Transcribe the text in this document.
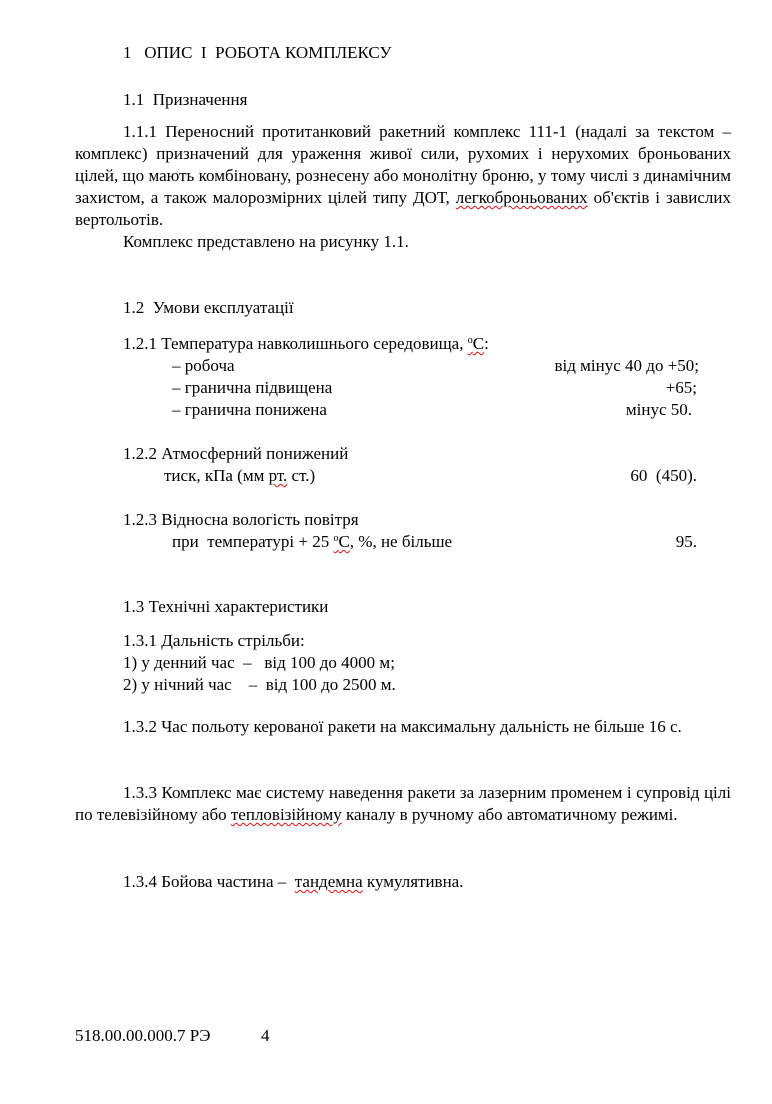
1   ОПИС  І  РОБОТА КОМПЛЕКСУ
1.1  Призначення
1.1.1 Переносний протитанковий ракетний комплекс 111-1 (надалі за текстом – комплекс) призначений для ураження живої сили, рухомих і нерухомих броньованих цілей, що мають комбіновану, рознесену або монолітну броню, у тому числі з динамічним захистом, а також малорозмірних цілей типу ДОТ, легкоброньованих об'єктів і завислих вертольотів.
Комплекс представлено на рисунку 1.1.
1.2  Умови експлуатації
1.2.1 Температура навколишнього середовища, $^о$С:
– робоча	від мінус 40 до +50;
– гранична підвищена	+65;
– гранична понижена	мінус 50.
1.2.2 Атмосферний понижений
тиск, кПа (мм рт. ст.)	60  (450).
1.2.3 Відносна вологість повітря
при  температурі + 25 $^о$С, %, не більше	95.
1.3 Технічні характеристики
1.3.1 Дальність стрільби:
1) у денний час  –   від 100 до 4000 м;
2) у нічний час    –  від 100 до 2500 м.
1.3.2 Час польоту керованої ракети на максимальну дальність не більше 16 с.
1.3.3 Комплекс має систему наведення ракети за лазерним променем і супровід цілі по телевізійному або тепловізійному каналу в ручному або автоматичному режимі.
1.3.4 Бойова частина –  тандемна кумулятивна.
518.00.00.000.7 РЭ	4
